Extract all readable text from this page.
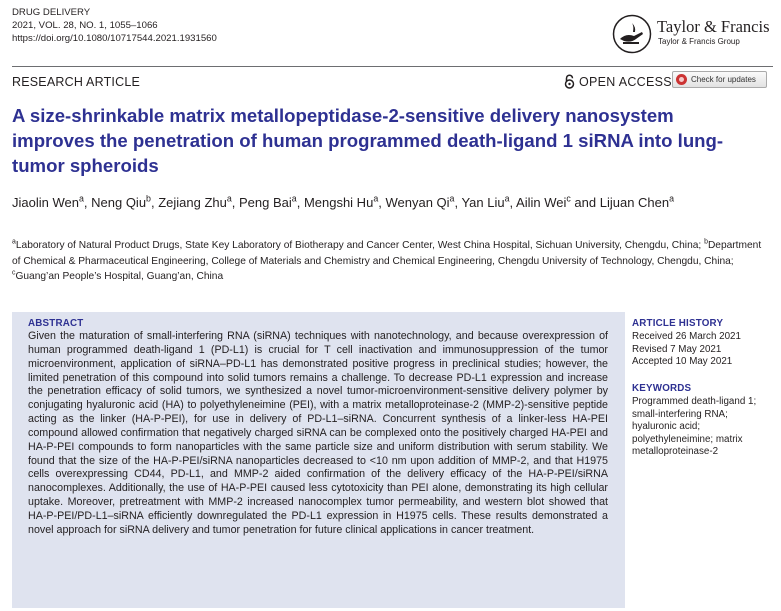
DRUG DELIVERY
2021, VOL. 28, NO. 1, 1055–1066
https://doi.org/10.1080/10717544.2021.1931560
Taylor & Francis
Taylor & Francis Group
RESEARCH ARTICLE	OPEN ACCESS Check for updates
A size-shrinkable matrix metallopeptidase-2-sensitive delivery nanosystem improves the penetration of human programmed death-ligand 1 siRNA into lung-tumor spheroids
Jiaolin Wen$^a$, Neng Qiu$^b$, Zejiang Zhu$^a$, Peng Bai$^a$, Mengshi Hu$^a$, Wenyan Qi$^a$, Yan Liu$^a$, Ailin Wei$^c$ and Lijuan Chen$^a$
$^a$Laboratory of Natural Product Drugs, State Key Laboratory of Biotherapy and Cancer Center, West China Hospital, Sichuan University, Chengdu, China; $^b$Department of Chemical & Pharmaceutical Engineering, College of Materials and Chemistry and Chemical Engineering, Chengdu University of Technology, Chengdu, China; $^c$Guang’an People’s Hospital, Guang’an, China
ABSTRACT
Given the maturation of small-interfering RNA (siRNA) techniques with nanotechnology, and because overexpression of human programmed death-ligand 1 (PD-L1) is crucial for T cell inactivation and immunosuppression of the tumor microenvironment, application of siRNA–PD-L1 has demonstrated positive progress in preclinical studies; however, the limited penetration of this compound into solid tumors remains a challenge. To decrease PD-L1 expression and increase the penetration efficacy of solid tumors, we synthesized a novel tumor-microenvironment-sensitive delivery polymer by conjugating hyaluronic acid (HA) to polyethyleneimine (PEI), with a matrix metalloproteinase-2 (MMP-2)-sensitive peptide acting as the linker (HA-P-PEI), for use in delivery of PD-L1–siRNA. Concurrent synthesis of a linker-less HA-PEI compound allowed confirmation that negatively charged siRNA can be complexed onto the positively charged HA-PEI and HA-P-PEI compounds to form nanoparticles with the same particle size and uniform distribution with serum stability. We found that the size of the HA-P-PEI/siRNA nanoparticles decreased to <10 nm upon addition of MMP-2, and that H1975 cells overexpressing CD44, PD-L1, and MMP-2 aided confirmation of the delivery efficacy of the HA-P-PEI/siRNA nanocomplexes. Additionally, the use of HA-P-PEI caused less cytotoxicity than PEI alone, demonstrating its high cellular uptake. Moreover, pretreatment with MMP-2 increased nanocomplex tumor permeability, and western blot showed that HA-P-PEI/PD-L1–siRNA efficiently downregulated the PD-L1 expression in H1975 cells. These results demonstrated a novel approach for siRNA delivery and tumor penetration for future clinical applications in cancer treatment.
ARTICLE HISTORY
Received 26 March 2021
Revised 7 May 2021
Accepted 10 May 2021
KEYWORDS
Programmed death-ligand 1; small-interfering RNA; hyaluronic acid; polyethyleneimine; matrix metalloproteinase-2
